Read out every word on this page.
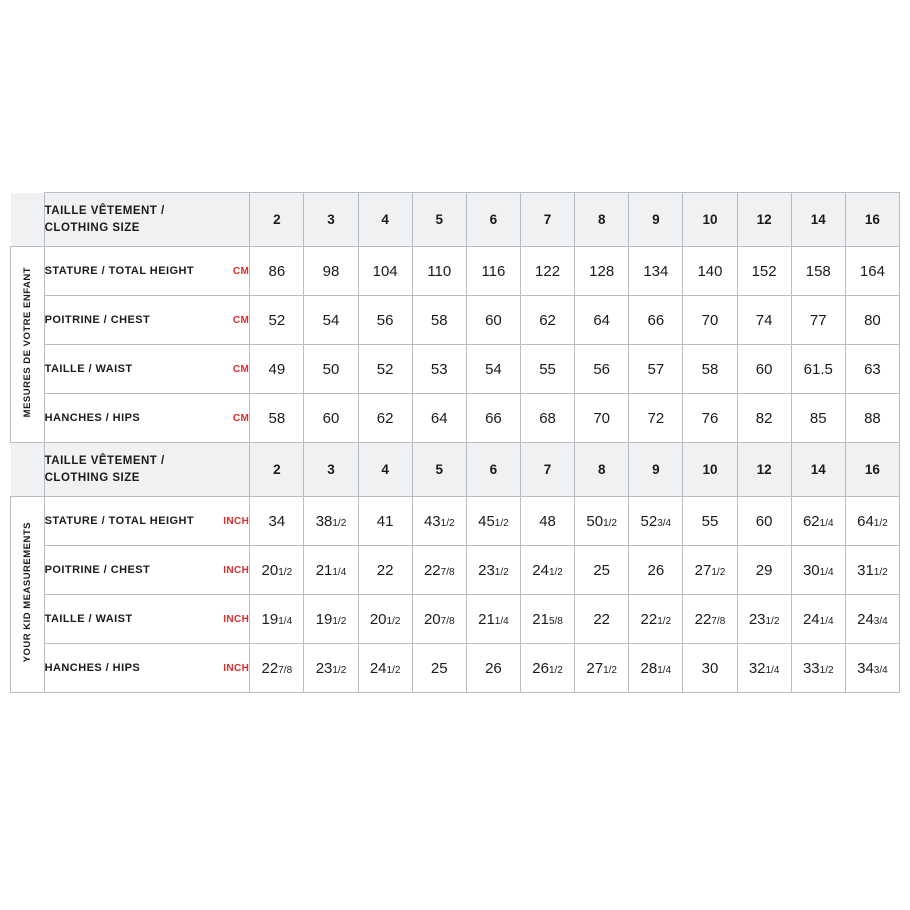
	TAILLE VÊTEMENT /
CLOTHING SIZE	2	3	4	5	6	7	8	9	10	12	14	16
MESURES DE VOTRE ENFANT	STATURE / TOTAL HEIGHT CM	86	98	104	110	116	122	128	134	140	152	158	164

	POITRINE / CHEST CM	52	54	56	58	60	62	64	66	70	74	77	80

	TAILLE / WAIST CM	49	50	52	53	54	55	56	57	58	60	61.5	63

	HANCHES / HIPS CM	58	60	62	64	66	68	70	72	76	82	85	88

	TAILLE VÊTEMENT /
CLOTHING SIZE	2	3	4	5	6	7	8	9	10	12	14	16
YOUR KID MEASUREMENTS	STATURE / TOTAL HEIGHT INCH	34	381/2	41	431/2	451/2	48	501/2	523/4	55	60	621/4	641/2

	POITRINE / CHEST INCH	201/2	211/4	22	227/8	231/2	241/2	25	26	271/2	29	301/4	311/2

	TAILLE / WAIST INCH	191/4	191/2	201/2	207/8	211/4	215/8	22	221/2	227/8	231/2	241/4	243/4

	HANCHES / HIPS INCH	227/8	231/2	241/2	25	26	261/2	271/2	281/4	30	321/4	331/2	343/4
